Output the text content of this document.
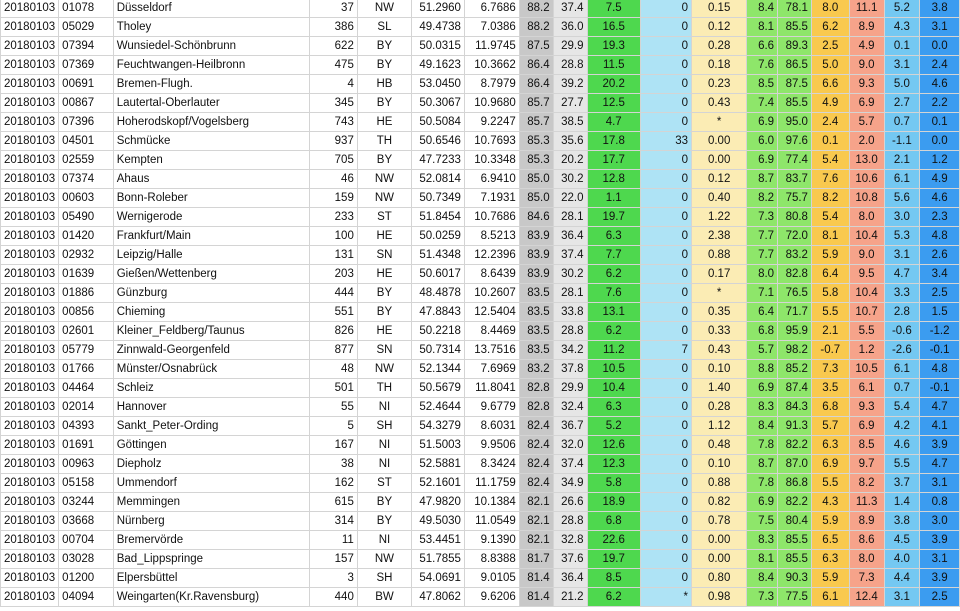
20180103	01078	Düsseldorf	37	NW	51.2960	6.7686	88.2	37.4	7.5	0	0.15	8.4	78.1	8.0	11.1	5.2	3.8
20180103	05029	Tholey	386	SL	49.4738	7.0386	88.2	36.0	16.5	0	0.12	8.1	85.5	6.2	8.9	4.3	3.1
20180103	07394	Wunsiedel-Schönbrunn	622	BY	50.0315	11.9745	87.5	29.9	19.3	0	0.28	6.6	89.3	2.5	4.9	0.1	0.0
20180103	07369	Feuchtwangen-Heilbronn	475	BY	49.1623	10.3662	86.4	28.8	11.5	0	0.18	7.6	86.5	5.0	9.0	3.1	2.4
20180103	00691	Bremen-Flugh.	4	HB	53.0450	8.7979	86.4	39.2	20.2	0	0.23	8.5	87.5	6.6	9.3	5.0	4.6
20180103	00867	Lautertal-Oberlauter	345	BY	50.3067	10.9680	85.7	27.7	12.5	0	0.43	7.4	85.5	4.9	6.9	2.7	2.2
20180103	07396	Hoherodskopf/Vogelsberg	743	HE	50.5084	9.2247	85.7	38.5	4.7	0	*	6.9	95.0	2.4	5.7	0.7	0.1
20180103	04501	Schmücke	937	TH	50.6546	10.7693	85.3	35.6	17.8	33	0.00	6.0	97.6	0.1	2.0	-1.1	0.0
20180103	02559	Kempten	705	BY	47.7233	10.3348	85.3	20.2	17.7	0	0.00	6.9	77.4	5.4	13.0	2.1	1.2
20180103	07374	Ahaus	46	NW	52.0814	6.9410	85.0	30.2	12.8	0	0.12	8.7	83.7	7.6	10.6	6.1	4.9
20180103	00603	Bonn-Roleber	159	NW	50.7349	7.1931	85.0	22.0	1.1	0	0.40	8.2	75.7	8.2	10.8	5.6	4.6
20180103	05490	Wernigerode	233	ST	51.8454	10.7686	84.6	28.1	19.7	0	1.22	7.3	80.8	5.4	8.0	3.0	2.3
20180103	01420	Frankfurt/Main	100	HE	50.0259	8.5213	83.9	36.4	6.3	0	2.38	7.7	72.0	8.1	10.4	5.3	4.8
20180103	02932	Leipzig/Halle	131	SN	51.4348	12.2396	83.9	37.4	7.7	0	0.88	7.7	83.2	5.9	9.0	3.1	2.6
20180103	01639	Gießen/Wettenberg	203	HE	50.6017	8.6439	83.9	30.2	6.2	0	0.17	8.0	82.8	6.4	9.5	4.7	3.4
20180103	01886	Günzburg	444	BY	48.4878	10.2607	83.5	28.1	7.6	0	*	7.1	76.5	5.8	10.4	3.3	2.5
20180103	00856	Chieming	551	BY	47.8843	12.5404	83.5	33.8	13.1	0	0.35	6.4	71.7	5.5	10.7	2.8	1.5
20180103	02601	Kleiner_Feldberg/Taunus	826	HE	50.2218	8.4469	83.5	28.8	6.2	0	0.33	6.8	95.9	2.1	5.5	-0.6	-1.2
20180103	05779	Zinnwald-Georgenfeld	877	SN	50.7314	13.7516	83.5	34.2	11.2	7	0.43	5.7	98.2	-0.7	1.2	-2.6	-0.1
20180103	01766	Münster/Osnabrück	48	NW	52.1344	7.6969	83.2	37.8	10.5	0	0.10	8.8	85.2	7.3	10.5	6.1	4.8
20180103	04464	Schleiz	501	TH	50.5679	11.8041	82.8	29.9	10.4	0	1.40	6.9	87.4	3.5	6.1	0.7	-0.1
20180103	02014	Hannover	55	NI	52.4644	9.6779	82.8	32.4	6.3	0	0.28	8.3	84.3	6.8	9.3	5.4	4.7
20180103	04393	Sankt_Peter-Ording	5	SH	54.3279	8.6031	82.4	36.7	5.2	0	1.12	8.4	91.3	5.7	6.9	4.2	4.1
20180103	01691	Göttingen	167	NI	51.5003	9.9506	82.4	32.0	12.6	0	0.48	7.8	82.2	6.3	8.5	4.6	3.9
20180103	00963	Diepholz	38	NI	52.5881	8.3424	82.4	37.4	12.3	0	0.10	8.7	87.0	6.9	9.7	5.5	4.7
20180103	05158	Ummendorf	162	ST	52.1601	11.1759	82.4	34.9	5.8	0	0.88	7.8	86.8	5.5	8.2	3.7	3.1
20180103	03244	Memmingen	615	BY	47.9820	10.1384	82.1	26.6	18.9	0	0.82	6.9	82.2	4.3	11.3	1.4	0.8
20180103	03668	Nürnberg	314	BY	49.5030	11.0549	82.1	28.8	6.8	0	0.78	7.5	80.4	5.9	8.9	3.8	3.0
20180103	00704	Bremervörde	11	NI	53.4451	9.1390	82.1	32.8	22.6	0	0.00	8.3	85.5	6.5	8.6	4.5	3.9
20180103	03028	Bad_Lippspringe	157	NW	51.7855	8.8388	81.7	37.6	19.7	0	0.00	8.1	85.5	6.3	8.0	4.0	3.1
20180103	01200	Elpersbüttel	3	SH	54.0691	9.0105	81.4	36.4	8.5	0	0.80	8.4	90.3	5.9	7.3	4.4	3.9
20180103	04094	Weingarten(Kr.Ravensburg)	440	BW	47.8062	9.6206	81.4	21.2	6.2	*	0.98	7.3	77.5	6.1	12.4	3.1	2.5
